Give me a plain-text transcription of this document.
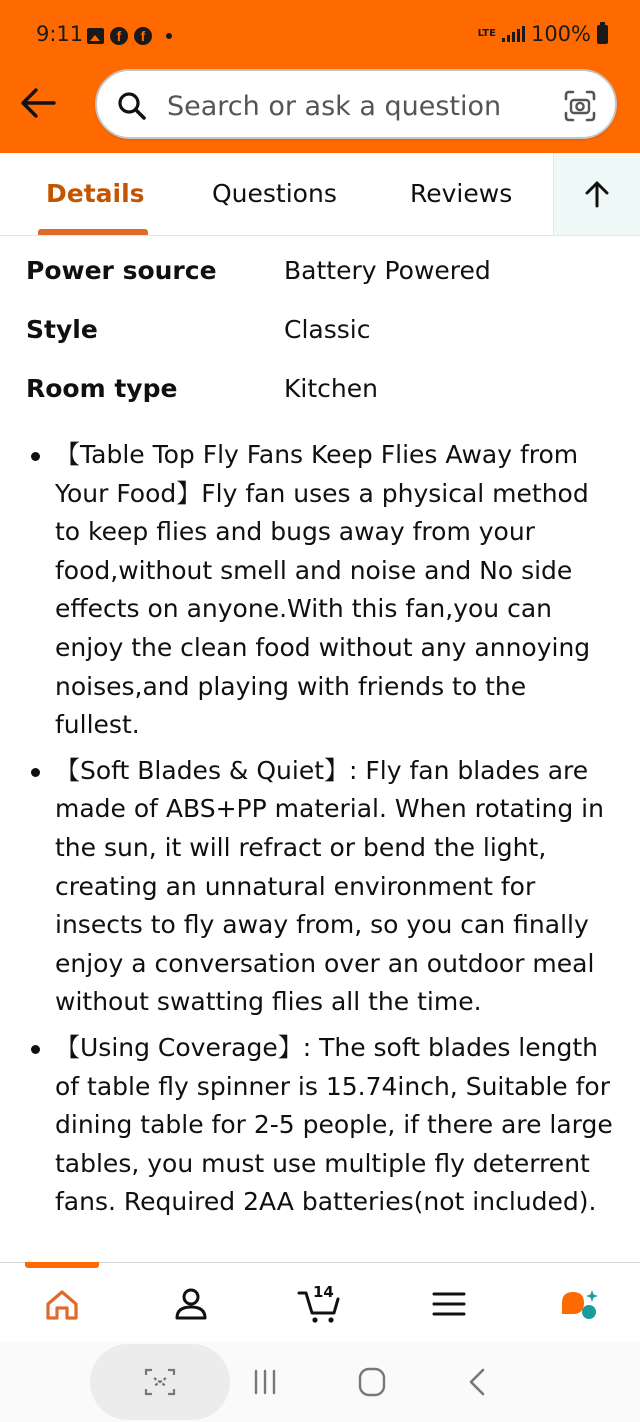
9:11	f	f	LTE 100%
Search or ask a question
Details	Questions	Reviews
Power source	Battery Powered
Style	Classic
Room type	Kitchen
【Table Top Fly Fans Keep Flies Away from Your Food】Fly fan uses a physical method to keep flies and bugs away from your food,without smell and noise and No side effects on anyone.With this fan,you can enjoy the clean food without any annoying noises,and playing with friends to the fullest.
【Soft Blades & Quiet】: Fly fan blades are made of ABS+PP material. When rotating in the sun, it will refract or bend the light, creating an unnatural environment for insects to fly away from, so you can finally enjoy a conversation over an outdoor meal without swatting flies all the time.
【Using Coverage】: The soft blades length of table fly spinner is 15.74inch, Suitable for dining table for 2-5 people, if there are large tables, you must use multiple fly deterrent fans. Required 2AA batteries(not included).
14
